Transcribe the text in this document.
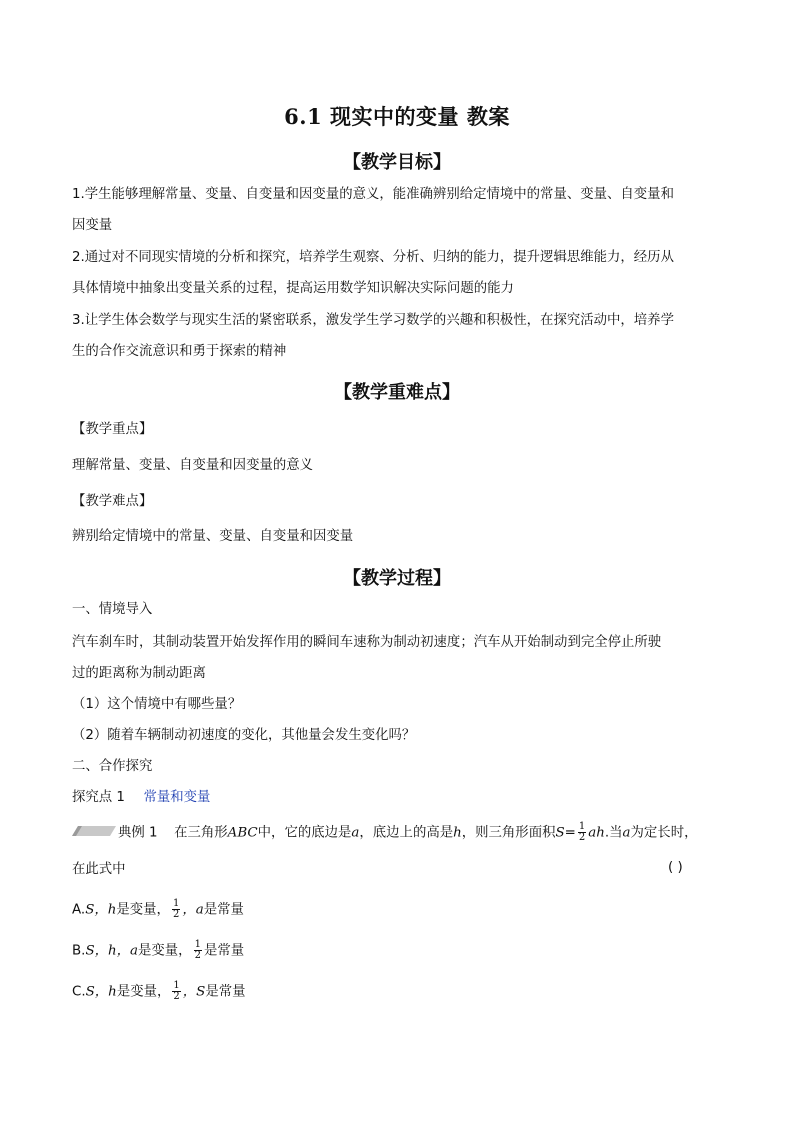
6.1 现实中的变量 教案
【教学目标】
1.学生能够理解常量、变量、自变量和因变量的意义，能准确辨别给定情境中的常量、变量、自变量和
因变量
2.通过对不同现实情境的分析和探究，培养学生观察、分析、归纳的能力，提升逻辑思维能力，经历从
具体情境中抽象出变量关系的过程，提高运用数学知识解决实际问题的能力
3.让学生体会数学与现实生活的紧密联系，激发学生学习数学的兴趣和积极性，在探究活动中，培养学
生的合作交流意识和勇于探索的精神
【教学重难点】
【教学重点】
理解常量、变量、自变量和因变量的意义
【教学难点】
辨别给定情境中的常量、变量、自变量和因变量
【教学过程】
一、情境导入
汽车刹车时，其制动装置开始发挥作用的瞬间车速称为制动初速度；汽车从开始制动到完全停止所驶
过的距离称为制动距离
（1）这个情境中有哪些量？
（2）随着车辆制动初速度的变化，其他量会发生变化吗？
二、合作探究
探究点 1 常量和变量
典例 1 在三角形ABC中，它的底边是a，底边上的高是h，则三角形面积$S= \frac{1}{2}$ ah.当a为定长时，
在此式中	( )
A.S，h是变量， $\frac{1}{2}$ ，a是常量
B.S，h，a是变量， $\frac{1}{2}$ 是常量
C.S，h是变量， $\frac{1}{2}$ ，S是常量
